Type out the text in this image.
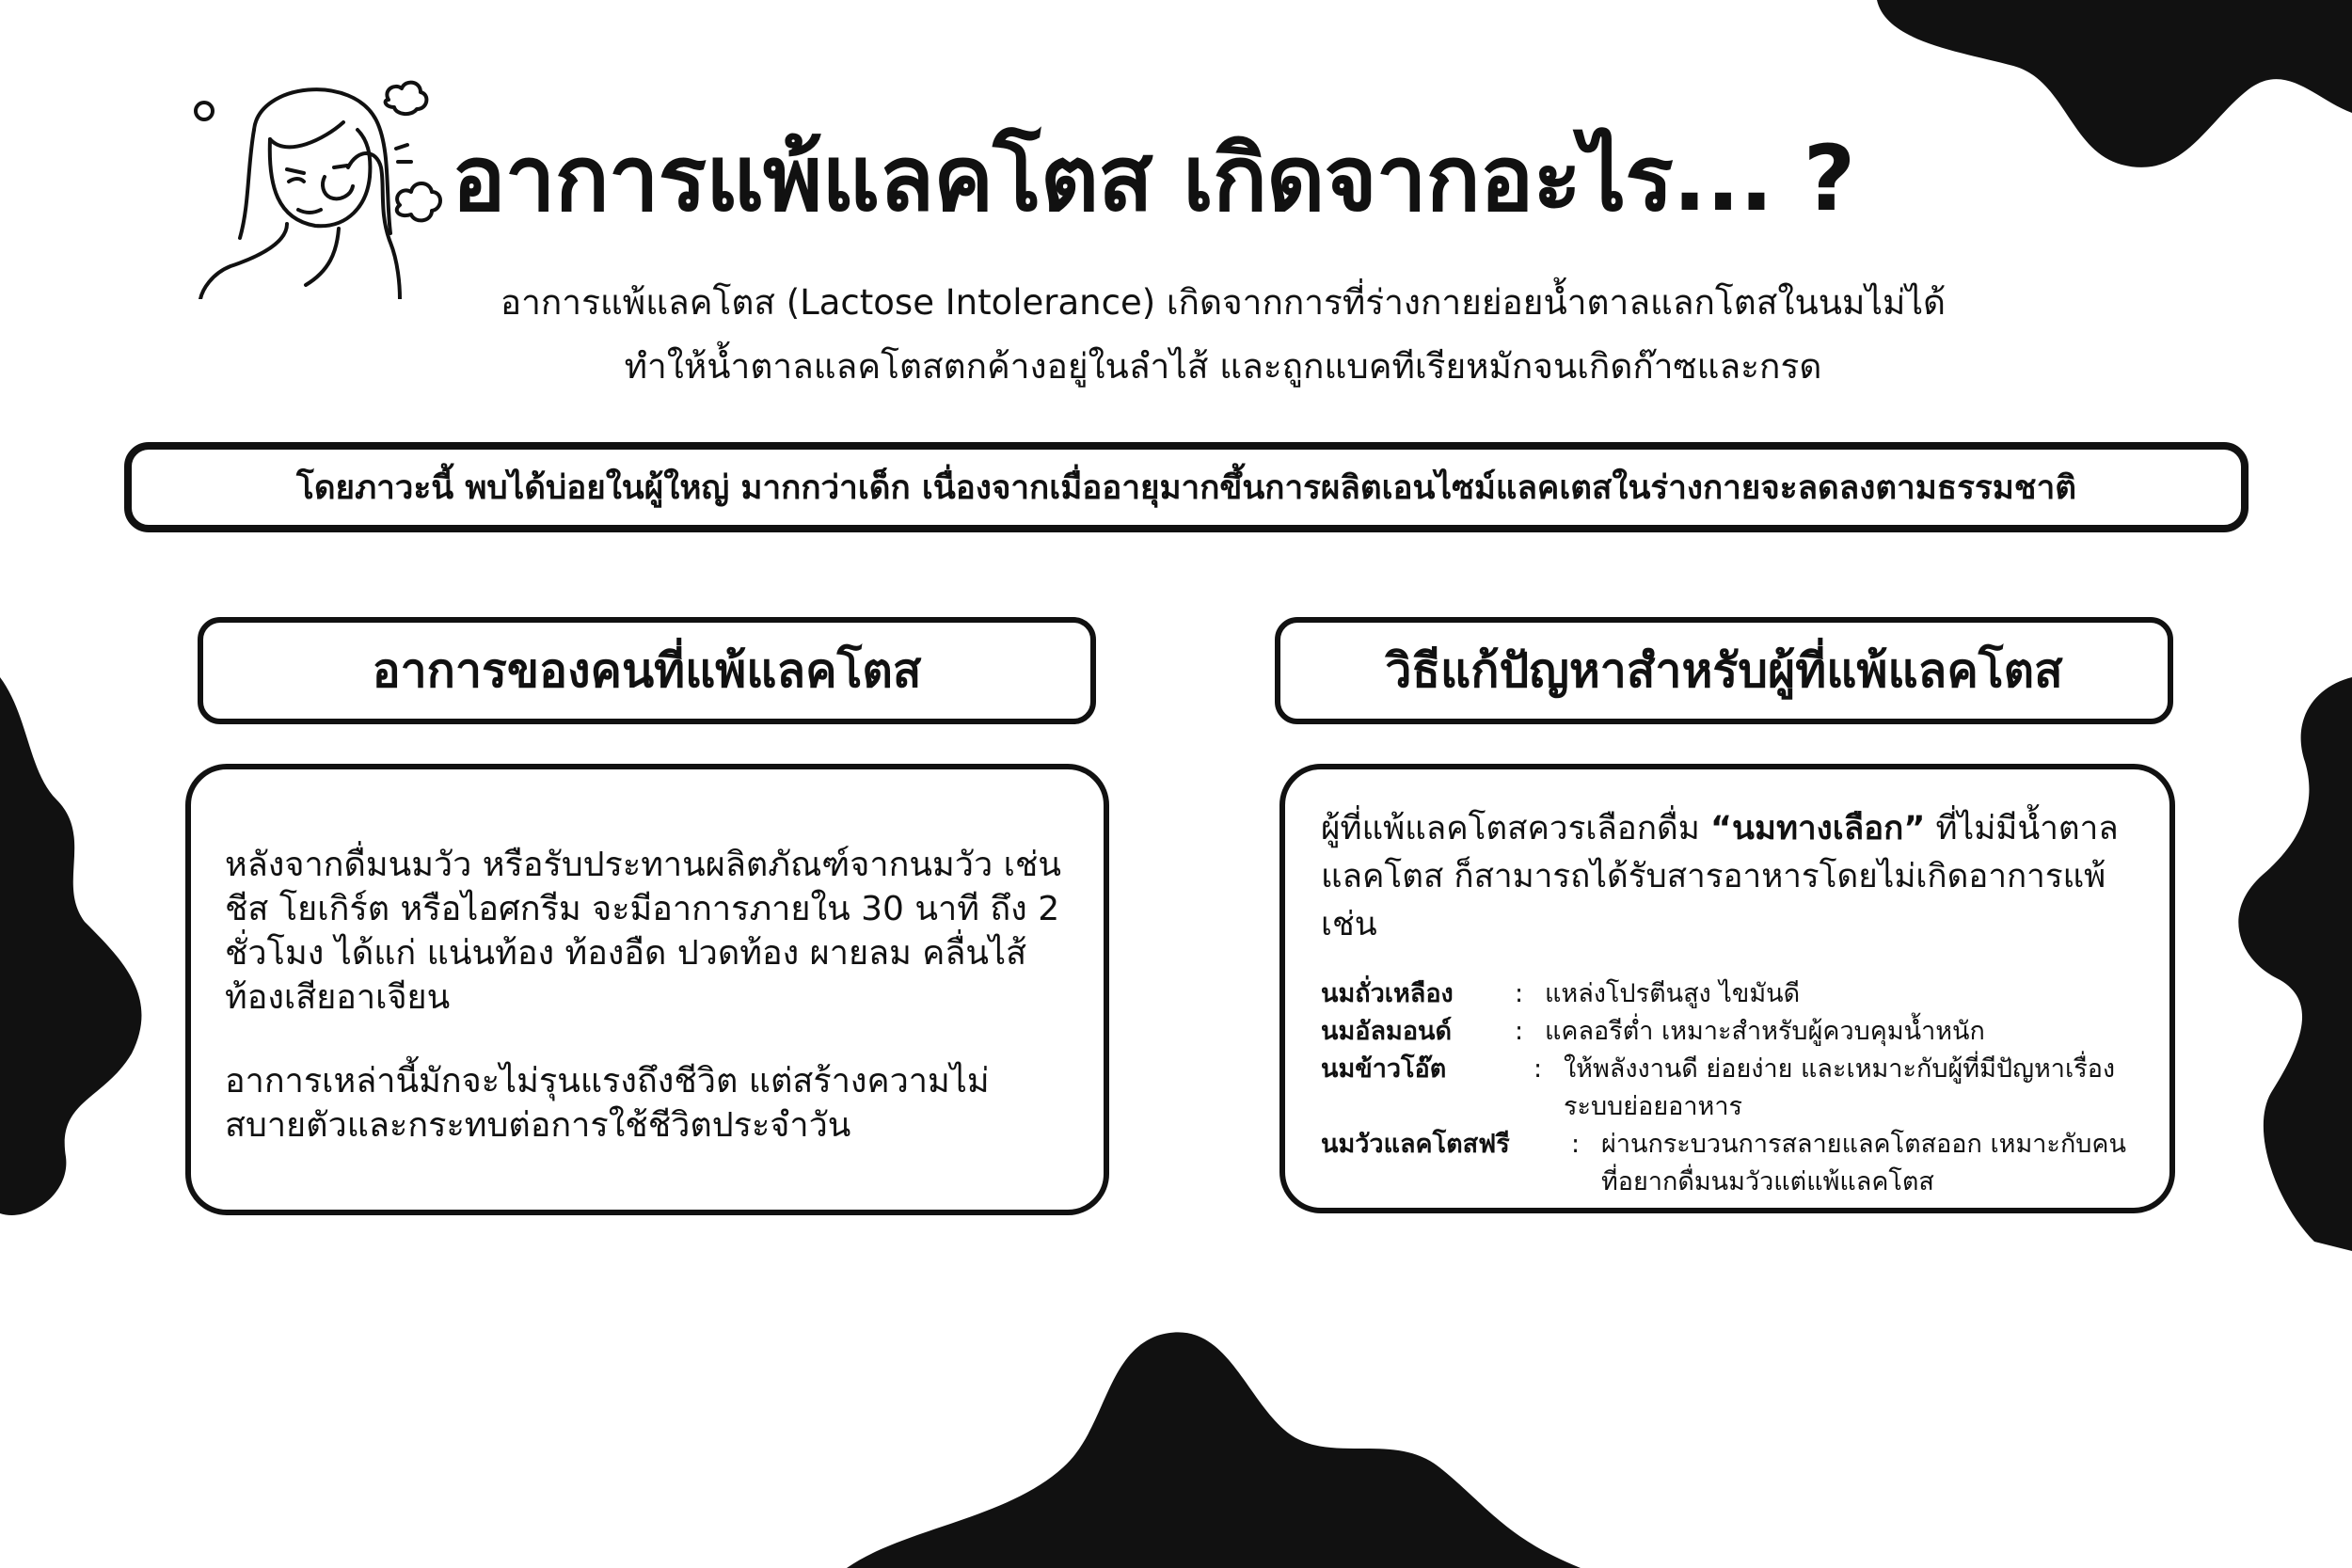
อาการแพ้แลคโตส เกิดจากอะไร... ?
อาการแพ้แลคโตส (Lactose Intolerance) เกิดจากการที่ร่างกายย่อยน้ำตาลแลกโตสในนมไม่ได้
ทำให้น้ำตาลแลคโตสตกค้างอยู่ในลำไส้ และถูกแบคทีเรียหมักจนเกิดก๊าซและกรด
โดยภาวะนี้ พบได้บ่อยในผู้ใหญ่ มากกว่าเด็ก เนื่องจากเมื่ออายุมากขึ้นการผลิตเอนไซม์แลคเตสในร่างกายจะลดลงตามธรรมชาติ
อาการของคนที่แพ้แลคโตส	วิธีแก้ปัญหาสำหรับผู้ที่แพ้แลคโตส

หลังจากดื่มนมวัว หรือรับประทานผลิตภัณฑ์จากนมวัว เช่น ชีส โยเกิร์ต หรือไอศกรีม จะมีอาการภายใน 30 นาที ถึง 2 ชั่วโมง ได้แก่ แน่นท้อง ท้องอืด ปวดท้อง ผายลม คลื่นไส้ ท้องเสียอาเจียน

อาการเหล่านี้มักจะไม่รุนแรงถึงชีวิต แต่สร้างความไม่สบายตัวและกระทบต่อการใช้ชีวิตประจำวัน

ผู้ที่แพ้แลคโตสควรเลือกดื่ม “นมทางเลือก” ที่ไม่มีน้ำตาลแลคโตส ก็สามารถได้รับสารอาหารโดยไม่เกิดอาการแพ้ เช่น

นมถั่วเหลือง	: แหล่งโปรตีนสูง ไขมันดี
นมอัลมอนด์	: แคลอรีต่ำ เหมาะสำหรับผู้ควบคุมน้ำหนัก
นมข้าวโอ๊ต	: ให้พลังงานดี ย่อยง่าย และเหมาะกับผู้ที่มีปัญหาเรื่องระบบย่อยอาหาร
นมวัวแลคโตสฟรี	: ผ่านกระบวนการสลายแลคโตสออก เหมาะกับคนที่อยากดื่มนมวัวแต่แพ้แลคโตส
